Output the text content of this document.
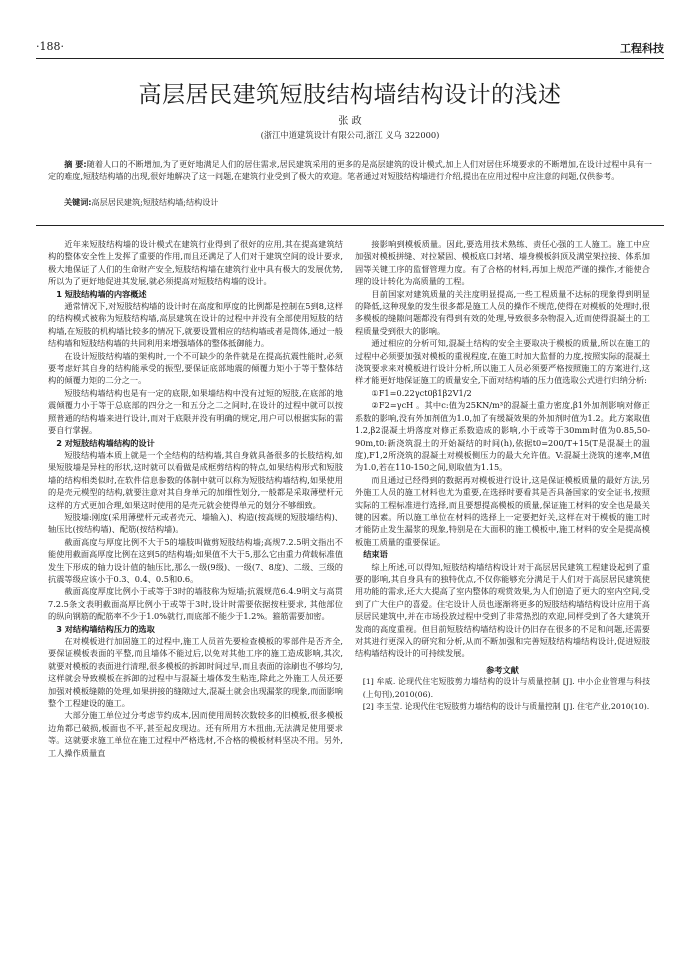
·188·	工程科技
高层居民建筑短肢结构墙结构设计的浅述
张 政
(浙江中道建筑设计有限公司,浙江 义乌 322000)
摘 要:随着人口的不断增加,为了更好地满足人们的居住需求,居民建筑采用的更多的是高层建筑的设计模式,加上人们对居住环境要求的不断增加,在设计过程中具有一定的难度,短肢结构墙的出现,很好地解决了这一问题,在建筑行业受到了极大的欢迎。笔者通过对短肢结构墙进行介绍,提出在应用过程中应注意的问题,仅供参考。
关键词:高层居民建筑;短肢结构墙;结构设计

近年来短肢结构墙的设计模式在建筑行业得到了很好的应用,其在提高建筑结构的整体安全性上发挥了重要的作用,而且还满足了人们对于建筑空间的设计要求,极大地保证了人们的生命财产安全,短肢结构墙在建筑行业中具有极大的发展优势,所以为了更好地促进其发展,就必须提高对短肢结构墙的设计。

1 短肢结构墙的内容概述

通常情况下,对短肢结构墙的设计时在高度和厚度的比例都是控制在5到8,这样的结构模式被称为短肢结构墙,高层建筑在设计的过程中并没有全部使用短肢的结构墙,在短肢的机构墙比较多的情况下,就要设置相应的结构墙或者是筒体,通过一般结构墙和短肢结构墙的共同利用来增强墙体的整体抵御能力。

在设计短肢结构墙的架构时,一个不可缺少的条件就是在提高抗震性能时,必须要考虑好其自身的结构能承受的振型,要保证底部地震的倾覆力矩小于等于整体结构的倾覆力矩的二分之一。

短肢结构墙结构也是有一定的底限,如果墙结构中没有过短的短肢,在底部的地震倾覆力小于等于总底部的四分之一和五分之二之间时,在设计的过程中就可以按照普通的结构墙来进行设计,而对于底限并没有明确的规定,用户可以根据实际的需要自行掌握。

2 对短肢结构墙结构的设计

短肢结构墙本质上就是一个全结构的结构墙,其自身就具备很多的长肢结构,如果短肢墙是异柱的形状,这时就可以看做是成框剪结构的特点,如果结构形式和短肢墙的结构相类似时,在软件信息参数的体制中就可以称为短肢结构墙结构,如果使用的是壳元模型的结构,就要注意对其自身单元的加细性划分,一般都是采取薄壁杆元这样的方式更加合理,如果这时使用的是壳元就会使得单元的划分不够细致。

短肢墙:刚度(采用薄壁杆元或者壳元、墙输入)、构造(按高规的短肢墙结构)、轴压比(按结构墙)、配筋(按结构墙)。

截面高度与厚度比例不大于5的墙肢叫做剪短肢结构墙;高规7.2.5明文指出不能使用截面高厚度比例在这到5的结构墙;如果值不大于5,那么它由重力荷载标准值发生下形成的轴力设计值的轴压比,那么一级(9级)、一级(7、8度)、二级、三级的抗震等级应该小于0.3、0.4、0.5和0.6。

截面高度厚度比例小于或等于3时的墙肢称为短墙;抗震规范6.4.9明文与高贯7.2.5条文表明截面高厚比例小于或等于3时,设计时需要依据按柱要求, 其他部位的纵向钢筋的配筋率不少于1.0%就行,而底部不能少于1.2%。箍筋需要加密。

3 对结构墙结构压力的选取

在对模板进行加固施工的过程中,施工人员首先要检查模板的零部件是否齐全,要保证模板表面的平整,而且墙体不能过后,以免对其他工序的施工造成影响,其次,就要对模板的表面进行清理,很多模板的拆卸时间过早,而且表面的涂刷也不够均匀,这样就会导致模板在拆卸的过程中与混凝土墙体发生粘连,除此之外施工人员还要加强对模板缝隙的处理,如果拼接的缝隙过大,混凝土就会出现漏浆的现象,而面影响整个工程建设的施工。

大部分施工单位过分考虑节约成本,因而使用周转次数较多的旧模板,很多模板边角都已破损,板面也不平,甚至起皮现边。还有所用方木扭曲,无法满足使用要求等。这就要求施工单位在施工过程中严格选材,不合格的模板材料坚决不用。另外,工人操作质量直

接影响到模板质量。因此,要选用技术熟练、责任心强的工人施工。施工中应加强对模板拼缝、对拉紧固、模板底口封堵、墙身模板斜顶及满堂架拉接、体系加固等关键工序的监督管理力度。有了合格的材料,再加上规范严谨的操作,才能使合理的设计转化为高质量的工程。

目前国家对建筑质量的关注度明显提高,一些工程质量不达标的现象得到明显的降低,这种现象的发生很多都是施工人员的操作不规范,使得在对模板的处理时,很多模板的缝隙问题都没有得到有效的处理,导致很多杂物混入,近而使得混凝土的工程质量受到很大的影响。

通过相应的分析可知,混凝土结构的安全主要取决于模板的质量,所以在施工的过程中必须要加强对模板的重视程度,在施工时加大监督的力度,按照实际的混凝土浇筑要求来对模板进行设计分析,所以施工人员必须要严格按照施工的方案进行,这样才能更好地保证施工的质量安全,下面对结构墙的压力值选取公式进行归纳分析:

①F1=0.22γct0β1β2V1/2

②F2=γcH 。其中c:值为25KN/m³的混凝土重力密度,β1外加剂影响对修正系数的影响,没有外加剂值为1.0,加了有缓凝效果的外加剂时值为1.2。此方案取值1.2,β2混凝土坍落度对修正系数造成的影响,小于或等于30mm时值为0.85,50-90m,t0:新浇筑混土的开始凝结的时间(h),依据t0=200/T+15(T是混凝土的温度),F1,2所浇筑的混凝土对模板侧压力的最大允许值。V:混凝土浇筑的速率,M值为1.0,若在110-150之间,则取值为1.15。

而且通过已经得到的数据再对模板进行设计,这是保证模板质量的最好方法,另外施工人员的施工材料也尤为重要,在选择时要看其是否具备国家的安全证书,按照实际的工程标准进行选择,而且要想提高模板的质量,保证施工材料的安全也是最关键的因素。所以施工单位在材料的选择上一定要把好关,这样在对于模板的施工时才能防止发生漏浆的现象,特别是在大面积的施工模板中,施工材料的安全是提高模板施工质量的重要保证。

结束语

综上所述,可以得知,短肢结构墙结构设计对于高层居民建筑工程建设起到了重要的影响,其自身具有的独特优点,不仅你能够充分满足于人们对于高层居民建筑使用功能的需求,还大大提高了室内整体的观赏效果,为人们创造了更大的室内空间,受到了广大住户的喜爱。住宅设计人员也逐渐将更多的短肢结构墙结构设计应用于高层居民建筑中,并在市场投放过程中受到了非常热烈的欢迎,同样受到了各大建筑开发商的高度重视。但目前短肢结构墙结构设计仍旧存在很多的不足和问题,还需要对其进行更深入的研究和分析,从而不断加强和完善短肢结构墙结构设计,促进短肢结构墙结构设计的可持续发展。

参考文献

[1] 牟威. 论现代住宅短肢剪力墙结构的设计与质量控制 [J]. 中小企业管理与科技(上旬刊),2010(06).

[2] 李玉莹. 论现代住宅短肢剪力墙结构的设计与质量控制 [J]. 住宅产业,2010(10).
